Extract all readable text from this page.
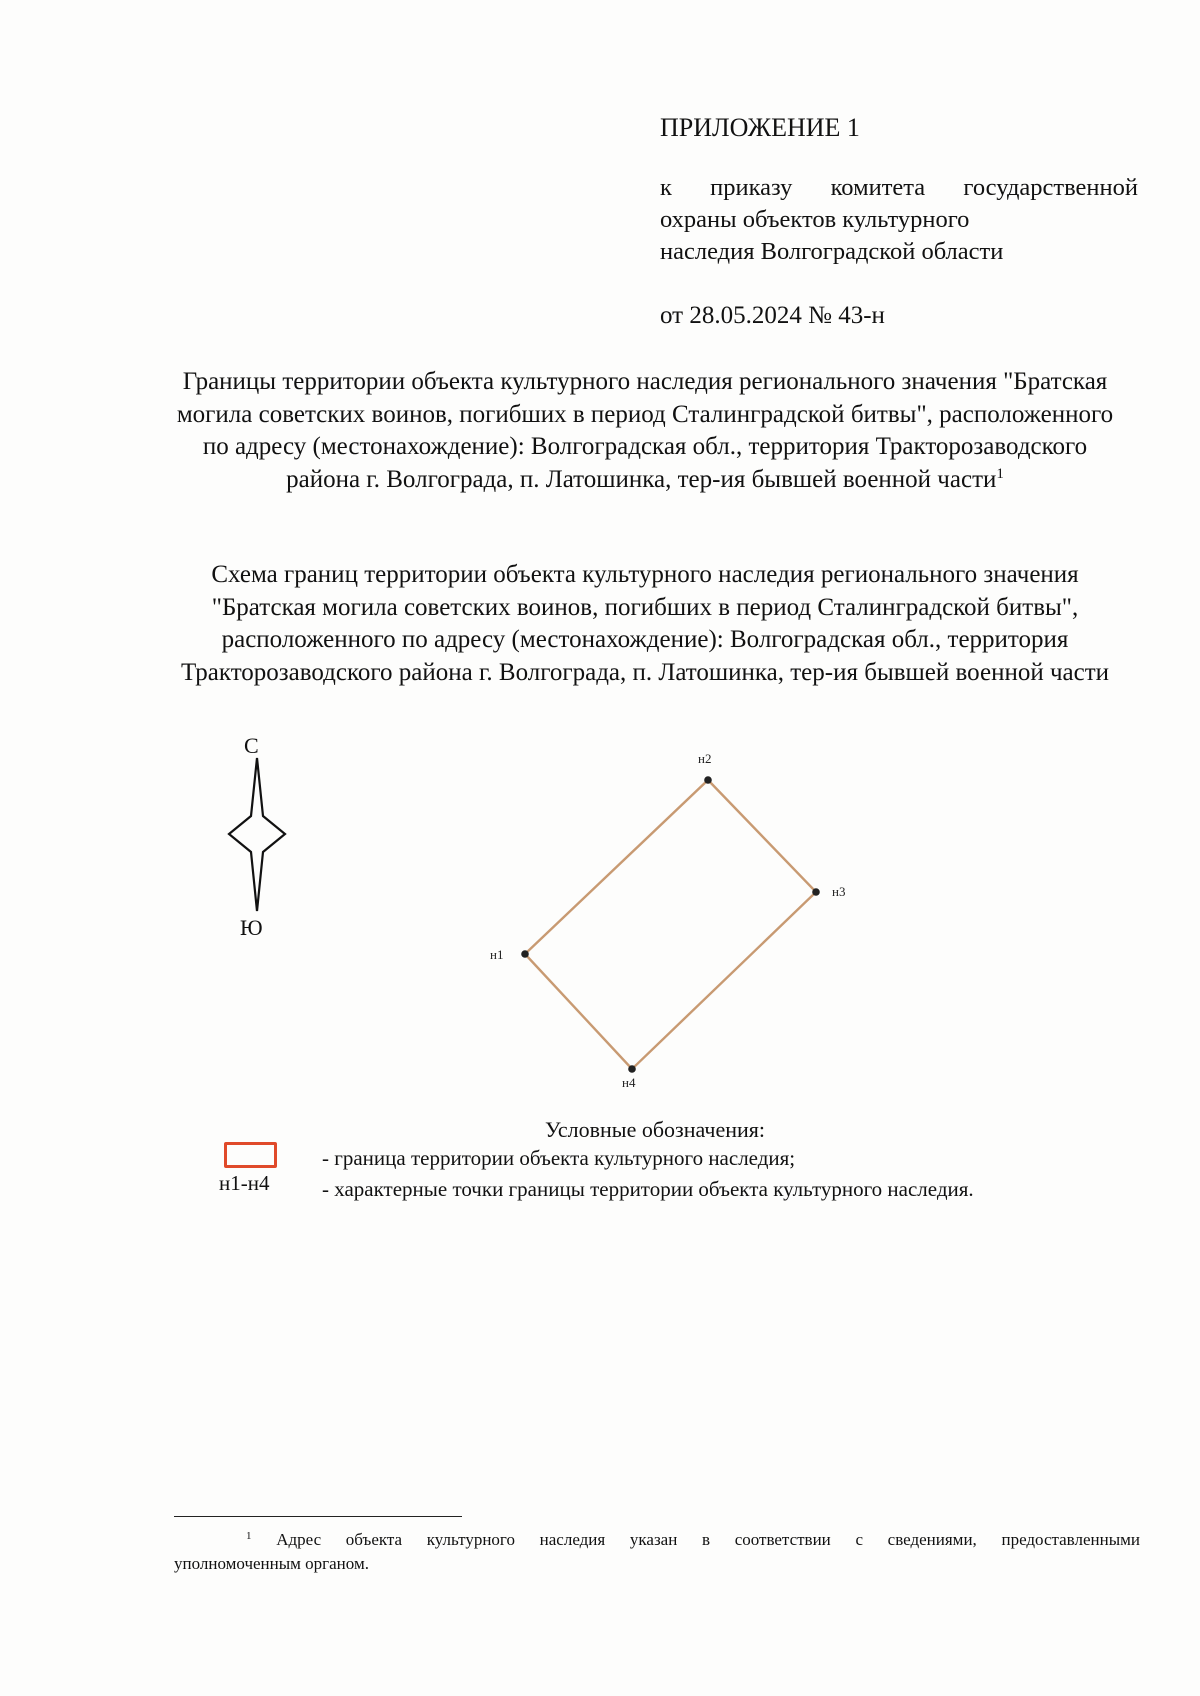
ПРИЛОЖЕНИЕ 1
к приказу комитета государственной
охраны объектов культурного
наследия Волгоградской области
от 28.05.2024 № 43-н
Границы территории объекта культурного наследия регионального значения "Братская могила советских воинов, погибших в период Сталинградской битвы", расположенного по адресу (местонахождение): Волгоградская обл., территория Тракторозаводского района г. Волгограда, п. Латошинка, тер-ия бывшей военной части$^1$
Схема границ территории объекта культурного наследия регионального значения "Братская могила советских воинов, погибших в период Сталинградской битвы", расположенного по адресу (местонахождение): Волгоградская обл., территория Тракторозаводского района г. Волгограда, п. Латошинка, тер-ия бывшей военной части
С
Ю
н1
н2
н3
н4
Условные обозначения:
н1-н4
- граница территории объекта культурного наследия;
- характерные точки границы территории объекта культурного наследия.
$^1$ Адрес объекта культурного наследия указан в соответствии с сведениями, предоставленными
уполномоченным органом.
